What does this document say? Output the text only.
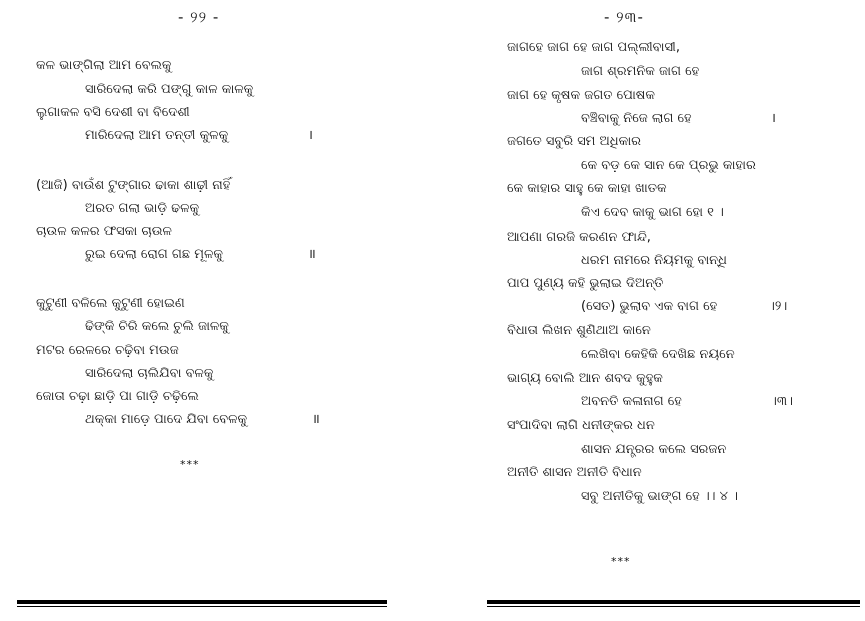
- ୨୨ -
କଳ ଭାଙ୍ଗିଲା ଆମ ବେଲକୁ
ସାରିଦେଲା କରି ପଙ୍ଗୁ କାଳ କାଳକୁ
ଲୁଗାକଳ ବସି ଦେଶୀ ବା ବିଦେଶୀ
ମାରିଦେଲା ଆମ ତନ୍ତୀ କୁଳକୁ	।
(ଆଜି) ବାଉଁଶ ଟୁଙ୍ଗାର ଢାକା ଶାଢ଼ୀ ନାହିଁ
ଅରତ ଗଲା ଭାଡ଼ି ଢଳକୁ
ଚାଉଳ କଳର ଫସକା ଚାଉଳ
ରୁଇ ଦେଲା ରୋଗ ଗଛ ମୂଳକୁ	॥
କୁଟୁଣୀ ବଳିଲେ କୁଟୁଣୀ ହୋଇଣ
ଢିଙ୍କି ଚିରି କଲେ ଚୁଲି ଜାଳକୁ
ମଟର ରେଳରେ ଚଢ଼ିବା ମଉଜ
ସାରିଦେଲା ଚାଲିଯିବା ବଳକୁ
ଜୋତା ଚଢ଼ା ଛାଡ଼ି ପା ଗାଡ଼ି ଚଢ଼ିଲେ
ଥକ୍କା ମାଡ଼େ ପାଦେ ଯିବା ବେଳକୁ	॥
***
- ୨୩-
ଜାଗହେ ଜାଗ ହେ ଜାଗ ପଲ୍ଲୀବାସୀ,
ଜାଗ ଶ୍ରମନିକ ଜାଗ ହେ
ଜାଗ ହେ କୃଷକ ଜଗତ ପୋଷକ
ବଞ୍ଚିବାକୁ ନିଜେ ଲାଗ ହେ	।
ଜଗତେ ସବୁରି ସମ ଅଧିକାର
କେ ବଡ଼ କେ ସାନ କେ ପ୍ରଭୁ କାହାର
କେ କାହାର ସାହୁ କେ କାହା ଖାତକ
କିଏ ଦେବ କାକୁ ଭାଗ ହୋ ୧ ।
ଆପଣା ଗରଜି କରଣନ ଫାନ୍ଦି,
ଧରମ ନାମରେ ନିୟମକୁ ବାନ୍ଧି
ପାପ ପୁଣ୍ୟ କହି ଭୁଲାଇ ଦିଅନ୍ତି
(ସେତ) ଭୁଲାବ ଏକ ବାଗ ହେ	।୨।
ବିଧାତା ଲିଖନ ଶୁଣିଥାଅ କାନେ
ଲେଖିବା କେହିକି ଦେଖିଛ ନୟନେ
ଭାଗ୍ୟ ବୋଲି ଆନ ଶବଦ କୁହୁକ
ଅବନତି କଳାନାଗ ହେ	।୩।
ସଂପାଦିବା ଲାଗି ଧନୀଙ୍କର ଧନ
ଶାସନ ଯନ୍ତ୍ରର କଲେ ସରଜନ
ଅନୀତି ଶାସନ ଅନୀତି ବିଧାନ
ସବୁ ଅନୀତିକୁ ଭାଙ୍ଗ ହେ ।। ୪ ।
***
